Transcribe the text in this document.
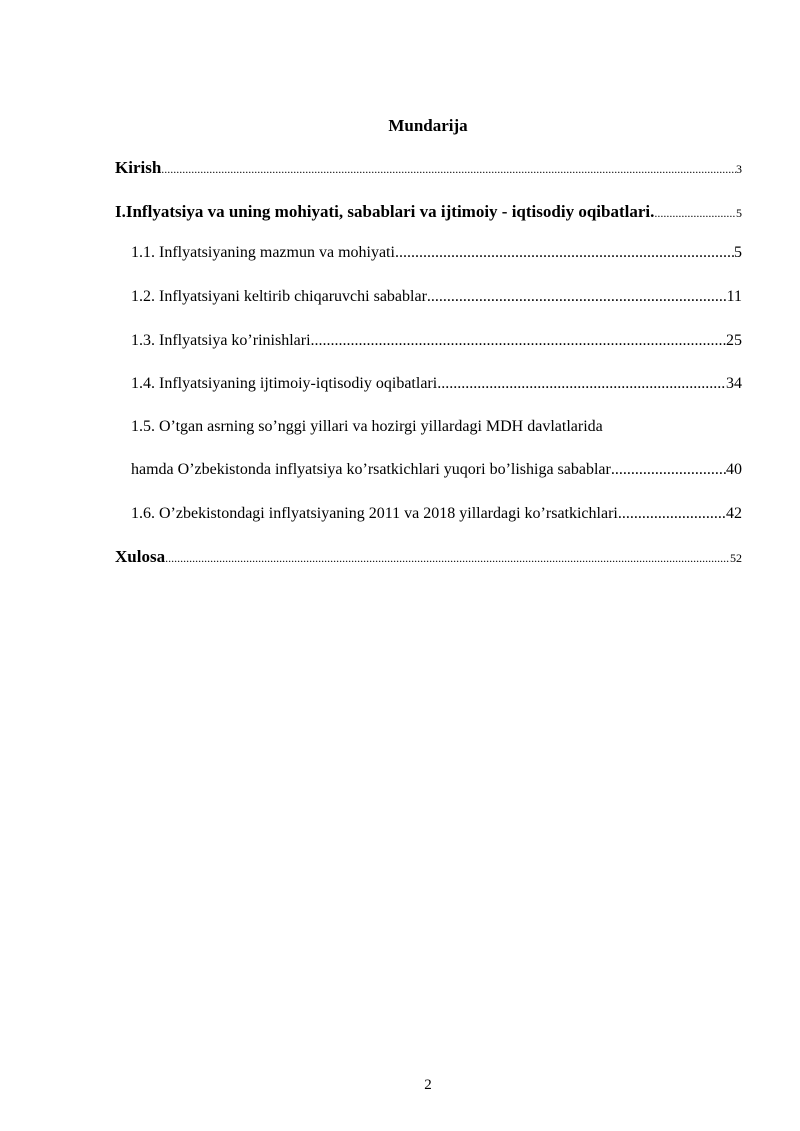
Mundarija
Kirish .....	3
I.Inflyatsiya va uning mohiyati, sabablari va ijtimoiy - iqtisodiy oqibatlari. .....	5
1.1. Inflyatsiyaning mazmun va mohiyati .....	5
1.2. Inflyatsiyani keltirib chiqaruvchi sabablar .....	11
1.3. Inflyatsiya ko’rinishlari .....	25
1.4. Inflyatsiyaning ijtimoiy-iqtisodiy oqibatlari .....	34
1.5. O’tgan asrning so’nggi yillari va hozirgi yillardagi MDH davlatlarida
hamda O’zbekistonda inflyatsiya ko’rsatkichlari yuqori bo’lishiga sabablar .....	40
1.6. O’zbekistondagi inflyatsiyaning 2011 va 2018 yillardagi ko’rsatkichlari .....	42
Xulosa .....	52
2
